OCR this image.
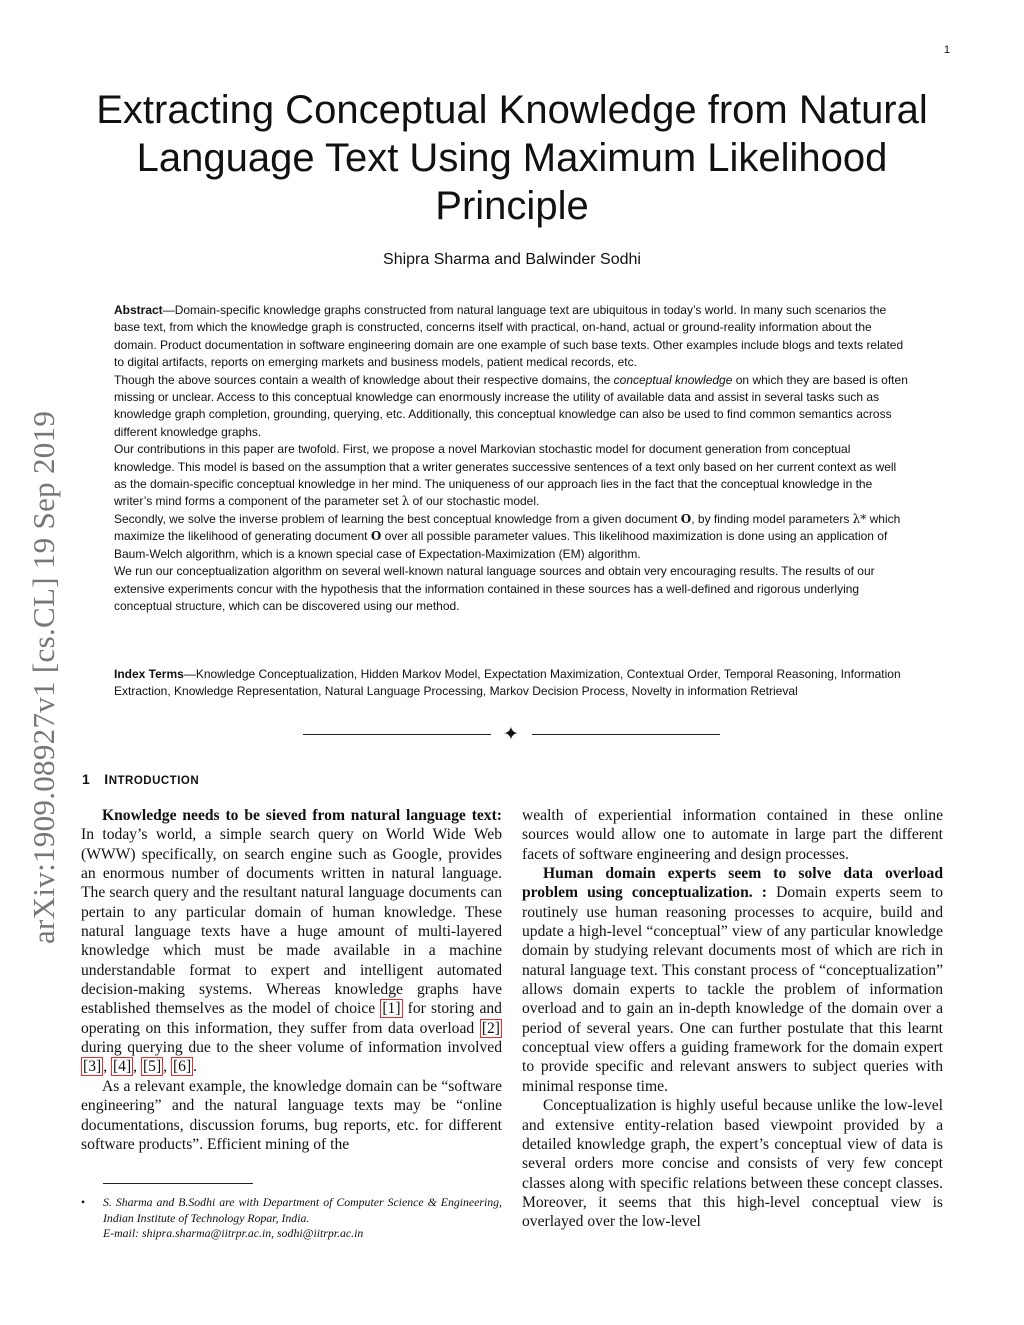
1
arXiv:1909.08927v1 [cs.CL] 19 Sep 2019
Extracting Conceptual Knowledge from Natural
Language Text Using Maximum Likelihood
Principle
Shipra Sharma and Balwinder Sodhi

Abstract—Domain-specific knowledge graphs constructed from natural language text are ubiquitous in today’s world. In many such scenarios the base text, from which the knowledge graph is constructed, concerns itself with practical, on-hand, actual or ground-reality information about the domain. Product documentation in software engineering domain are one example of such base texts. Other examples include blogs and texts related to digital artifacts, reports on emerging markets and business models, patient medical records, etc.

Though the above sources contain a wealth of knowledge about their respective domains, the conceptual knowledge on which they are based is often missing or unclear. Access to this conceptual knowledge can enormously increase the utility of available data and assist in several tasks such as knowledge graph completion, grounding, querying, etc. Additionally, this conceptual knowledge can also be used to find common semantics across different knowledge graphs.

Our contributions in this paper are twofold. First, we propose a novel Markovian stochastic model for document generation from conceptual knowledge. This model is based on the assumption that a writer generates successive sentences of a text only based on her current context as well as the domain-specific conceptual knowledge in her mind. The uniqueness of our approach lies in the fact that the conceptual knowledge in the writer’s mind forms a component of the parameter set λ of our stochastic model.

Secondly, we solve the inverse problem of learning the best conceptual knowledge from a given document O, by finding model parameters λ* which maximize the likelihood of generating document O over all possible parameter values. This likelihood maximization is done using an application of Baum-Welch algorithm, which is a known special case of Expectation-Maximization (EM) algorithm.

We run our conceptualization algorithm on several well-known natural language sources and obtain very encouraging results. The results of our extensive experiments concur with the hypothesis that the information contained in these sources has a well-defined and rigorous underlying conceptual structure, which can be discovered using our method.

Index Terms—Knowledge Conceptualization, Hidden Markov Model, Expectation Maximization, Contextual Order, Temporal Reasoning, Information Extraction, Knowledge Representation, Natural Language Processing, Markov Decision Process, Novelty in information Retrieval

✦
1 INTRODUCTION

Knowledge needs to be sieved from natural language text: In today’s world, a simple search query on World Wide Web (WWW) specifically, on search engine such as Google, provides an enormous number of documents written in natural language. The search query and the resultant natural language documents can pertain to any particular domain of human knowledge. These natural language texts have a huge amount of multi-layered knowledge which must be made available in a machine understandable format to expert and intelligent automated decision-making systems. Whereas knowledge graphs have established themselves as the model of choice [1] for storing and operating on this information, they suffer from data overload [2] during querying due to the sheer volume of information involved [3] , [4] , [5] , [6] .

As a relevant example, the knowledge domain can be “software engineering” and the natural language texts may be “online documentations, discussion forums, bug reports, etc. for different software products”. Efficient mining of the

wealth of experiential information contained in these online sources would allow one to automate in large part the different facets of software engineering and design processes.

Human domain experts seem to solve data overload problem using conceptualization. : Domain experts seem to routinely use human reasoning processes to acquire, build and update a high-level “conceptual” view of any particular knowledge domain by studying relevant documents most of which are rich in natural language text. This constant process of “conceptualization” allows domain experts to tackle the problem of information overload and to gain an in-depth knowledge of the domain over a period of several years. One can further postulate that this learnt conceptual view offers a guiding framework for the domain expert to provide specific and relevant answers to subject queries with minimal response time.

Conceptualization is highly useful because unlike the low-level and extensive entity-relation based viewpoint provided by a detailed knowledge graph, the expert’s conceptual view of data is several orders more concise and consists of very few concept classes along with specific relations between these concept classes. Moreover, it seems that this high-level conceptual view is overlayed over the low-level

• S. Sharma and B.Sodhi are with Department of Computer Science & Engineering, Indian Institute of Technology Ropar, India.
E-mail: shipra.sharma@iitrpr.ac.in, sodhi@iitrpr.ac.in
